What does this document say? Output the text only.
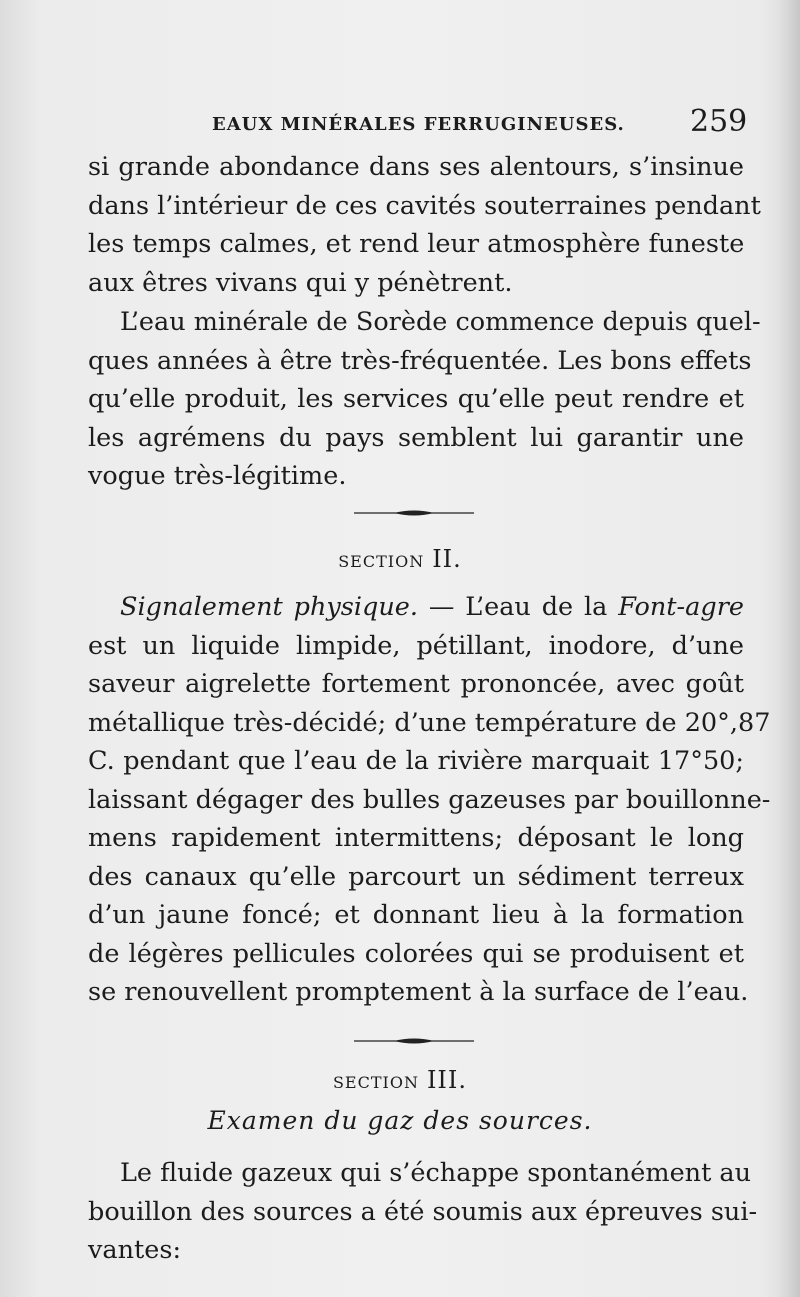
EAUX MINÉRALES FERRUGINEUSES. 259
si grande abondance dans ses alentours, s’insinue
dans l’intérieur de ces cavités souterraines pendant
les temps calmes, et rend leur atmosphère funeste
aux êtres vivans qui y pénètrent.
L’eau minérale de Sorède commence depuis quel-
ques années à être très-fréquentée. Les bons effets
qu’elle produit, les services qu’elle peut rendre et
les agrémens du pays semblent lui garantir une
vogue très-légitime.
SECTION II.
Signalement physique. — L’eau de la Font-agre
est un liquide limpide, pétillant, inodore, d’une
saveur aigrelette fortement prononcée, avec goût
métallique très-décidé; d’une température de 20°,87
C. pendant que l’eau de la rivière marquait 17°50;
laissant dégager des bulles gazeuses par bouillonne-
mens rapidement intermittens; déposant le long
des canaux qu’elle parcourt un sédiment terreux
d’un jaune foncé; et donnant lieu à la formation
de légères pellicules colorées qui se produisent et
se renouvellent promptement à la surface de l’eau.
SECTION III.
Examen du gaz des sources.
Le fluide gazeux qui s’échappe spontanément au
bouillon des sources a été soumis aux épreuves sui-
vantes:
